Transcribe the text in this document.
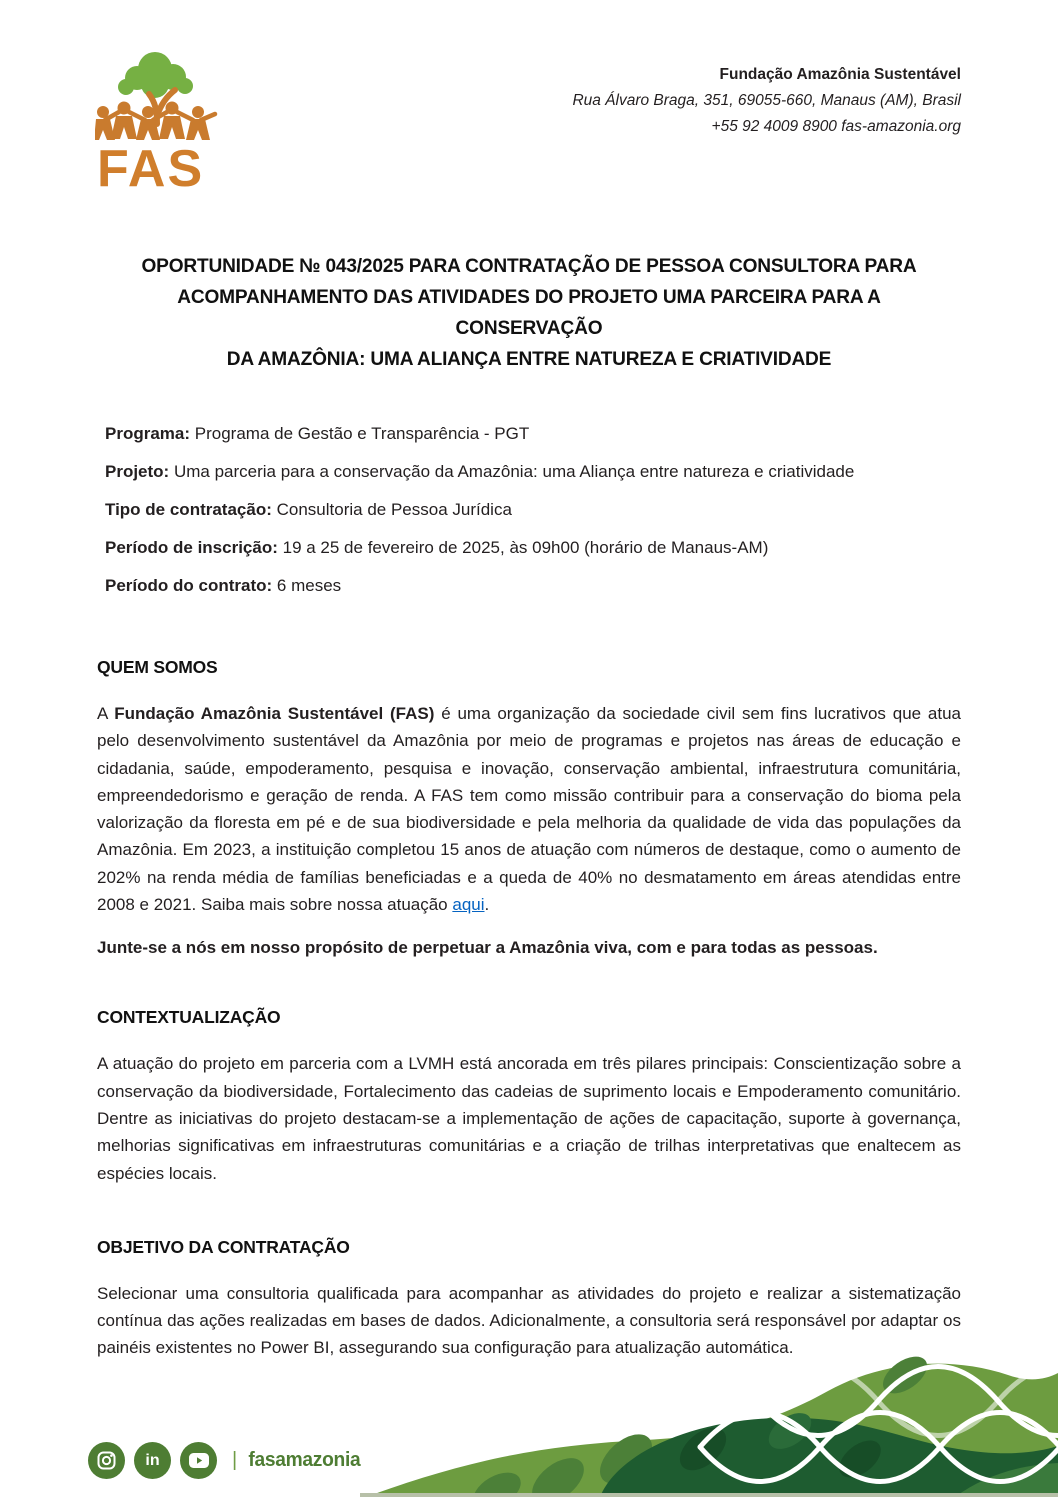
FAS
Fundação Amazônia Sustentável
Rua Álvaro Braga, 351, 69055-660, Manaus (AM), Brasil
+55 92 4009 8900 fas-amazonia.org
OPORTUNIDADE № 043/2025 PARA CONTRATAÇÃO DE PESSOA CONSULTORA PARA
ACOMPANHAMENTO DAS ATIVIDADES DO PROJETO UMA PARCEIRA PARA A CONSERVAÇÃO
DA AMAZÔNIA: UMA ALIANÇA ENTRE NATUREZA E CRIATIVIDADE
Programa: Programa de Gestão e Transparência - PGT
Projeto: Uma parceria para a conservação da Amazônia: uma Aliança entre natureza e criatividade
Tipo de contratação: Consultoria de Pessoa Jurídica
Período de inscrição: 19 a 25 de fevereiro de 2025, às 09h00 (horário de Manaus-AM)
Período do contrato: 6 meses
QUEM SOMOS
A Fundação Amazônia Sustentável (FAS) é uma organização da sociedade civil sem fins lucrativos que atua pelo desenvolvimento sustentável da Amazônia por meio de programas e projetos nas áreas de educação e cidadania, saúde, empoderamento, pesquisa e inovação, conservação ambiental, infraestrutura comunitária, empreendedorismo e geração de renda. A FAS tem como missão contribuir para a conservação do bioma pela valorização da floresta em pé e de sua biodiversidade e pela melhoria da qualidade de vida das populações da Amazônia. Em 2023, a instituição completou 15 anos de atuação com números de destaque, como o aumento de 202% na renda média de famílias beneficiadas e a queda de 40% no desmatamento em áreas atendidas entre 2008 e 2021. Saiba mais sobre nossa atuação aqui.
Junte-se a nós em nosso propósito de perpetuar a Amazônia viva, com e para todas as pessoas.
CONTEXTUALIZAÇÃO
A atuação do projeto em parceria com a LVMH está ancorada em três pilares principais: Conscientização sobre a conservação da biodiversidade, Fortalecimento das cadeias de suprimento locais e Empoderamento comunitário. Dentre as iniciativas do projeto destacam-se a implementação de ações de capacitação, suporte à governança, melhorias significativas em infraestruturas comunitárias e a criação de trilhas interpretativas que enaltecem as espécies locais.
OBJETIVO DA CONTRATAÇÃO
Selecionar uma consultoria qualificada para acompanhar as atividades do projeto e realizar a sistematização contínua das ações realizadas em bases de dados. Adicionalmente, a consultoria será responsável por adaptar os painéis existentes no Power BI, assegurando sua configuração para atualização automática.
in	| fasamazonia
